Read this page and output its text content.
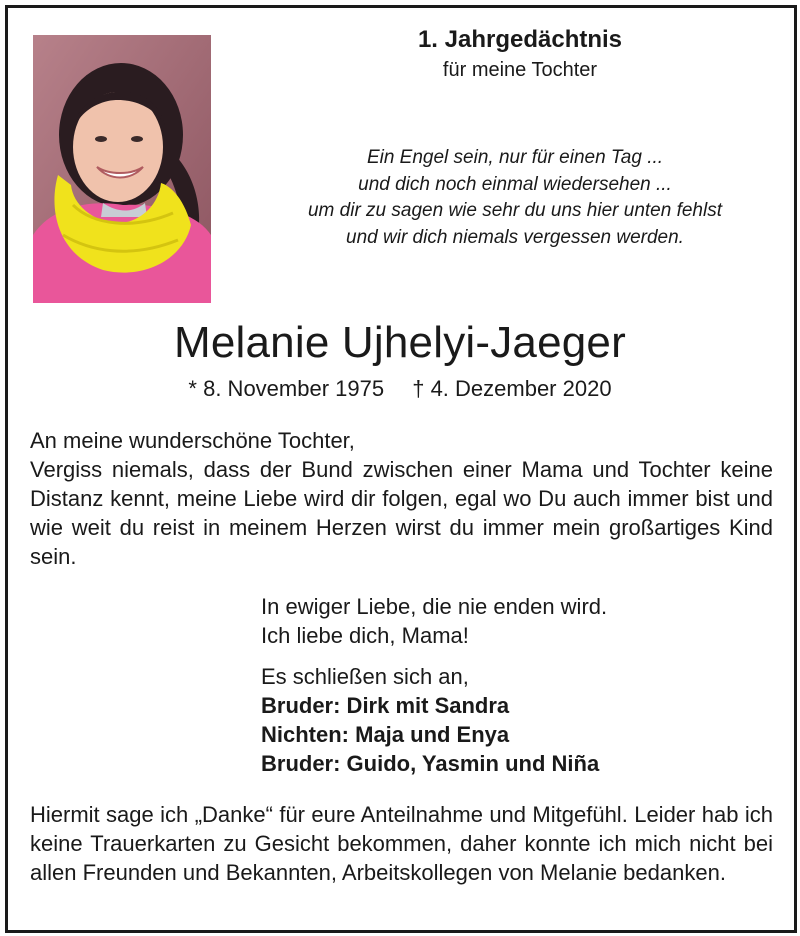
1. Jahrgedächtnis
für meine Tochter
Ein Engel sein, nur für einen Tag ...
und dich noch einmal wiedersehen ...
um dir zu sagen wie sehr du uns hier unten fehlst
und wir dich niemals vergessen werden.
Melanie Ujhelyi-Jaeger
* 8. November 1975 † 4. Dezember 2020
An meine wunderschöne Tochter,
Vergiss niemals, dass der Bund zwischen einer Mama und Tochter keine Distanz kennt, meine Liebe wird dir folgen, egal wo Du auch immer bist und wie weit du reist in meinem Herzen wirst du immer mein großartiges Kind sein.
In ewiger Liebe, die nie enden wird.
Ich liebe dich, Mama!
Es schließen sich an,
Bruder: Dirk mit Sandra
Nichten: Maja und Enya
Bruder: Guido, Yasmin und Niña
Hiermit sage ich „Danke“ für eure Anteilnahme und Mitgefühl. Leider hab ich keine Trauerkarten zu Gesicht bekommen, daher konnte ich mich nicht bei allen Freunden und Bekannten, Arbeitskollegen von Melanie bedanken.
